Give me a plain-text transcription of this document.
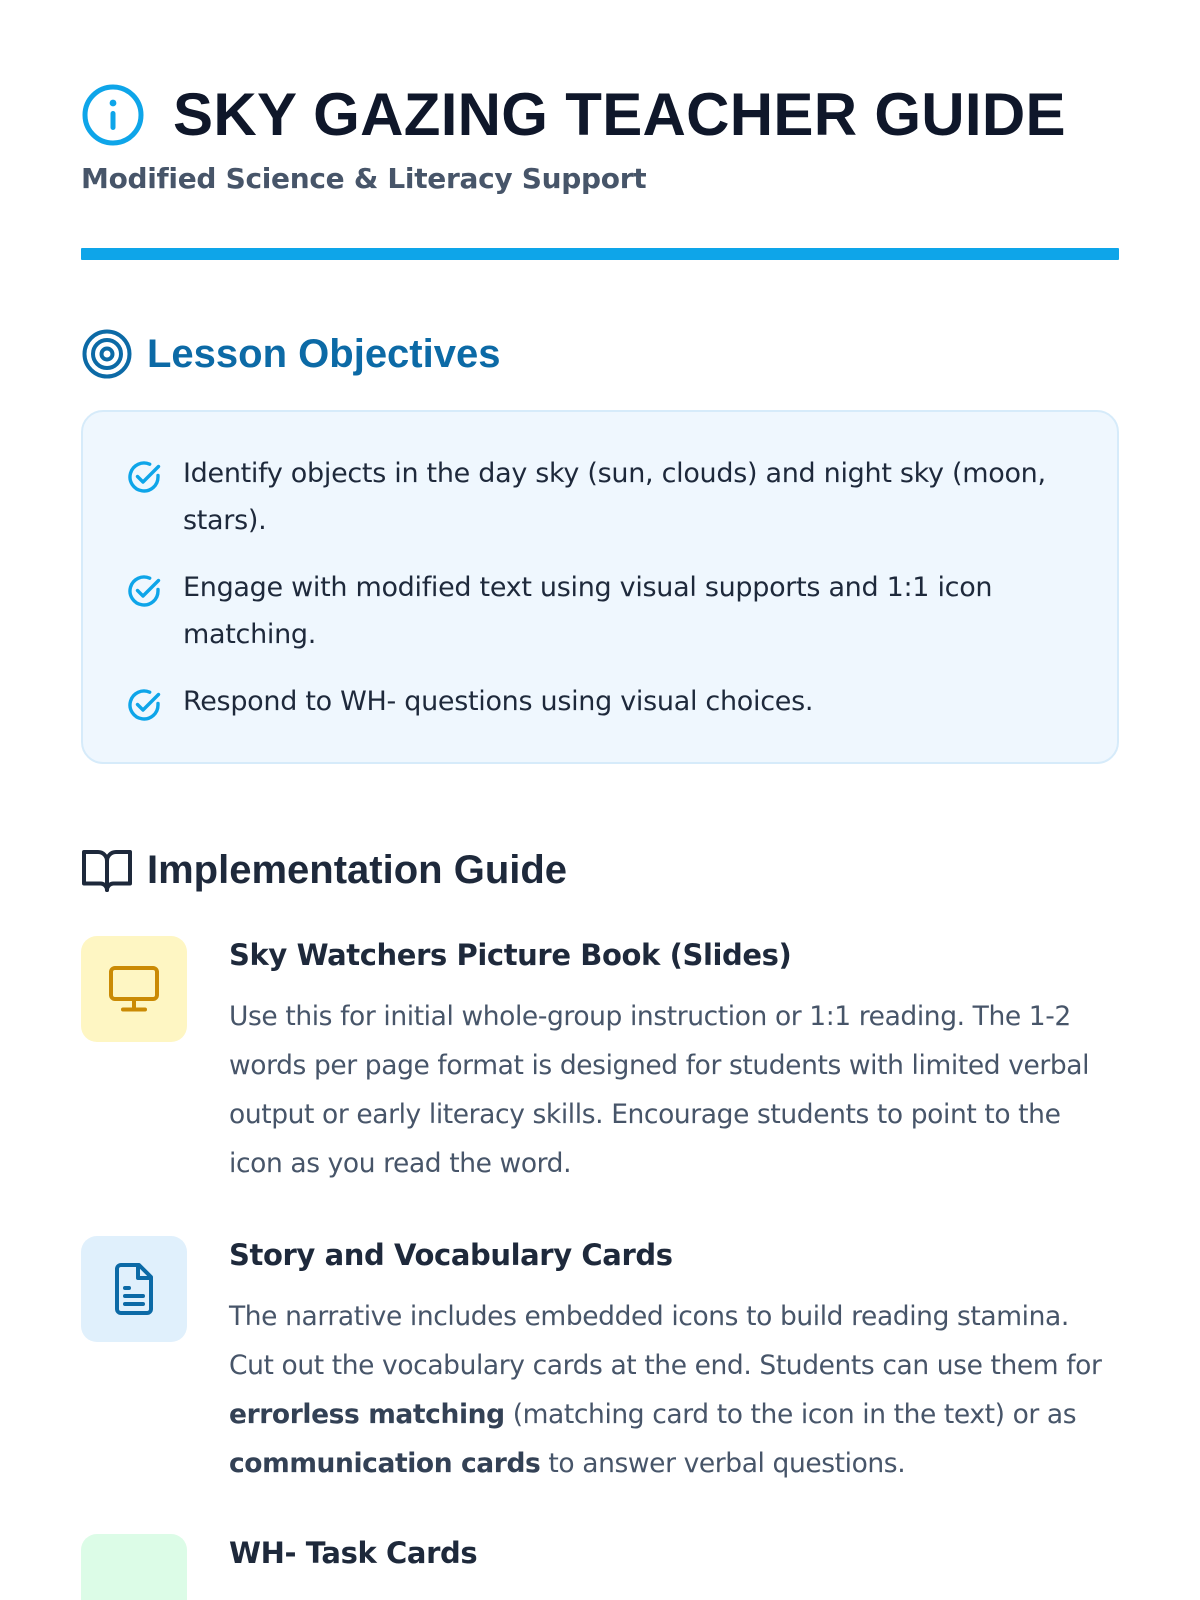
SKY GAZING TEACHER GUIDE
Modified Science & Literacy Support
Lesson Objectives
Identify objects in the day sky (sun, clouds) and night sky (moon, stars).
Engage with modified text using visual supports and 1:1 icon matching.
Respond to WH- questions using visual choices.
Implementation Guide
Sky Watchers Picture Book (Slides)

Use this for initial whole-group instruction or 1:1 reading. The 1-2 words per page format is designed for students with limited verbal output or early literacy skills. Encourage students to point to the icon as you read the word.

Story and Vocabulary Cards

The narrative includes embedded icons to build reading stamina. Cut out the vocabulary cards at the end. Students can use them for errorless matching (matching card to the icon in the text) or as communication cards to answer verbal questions.

WH- Task Cards
